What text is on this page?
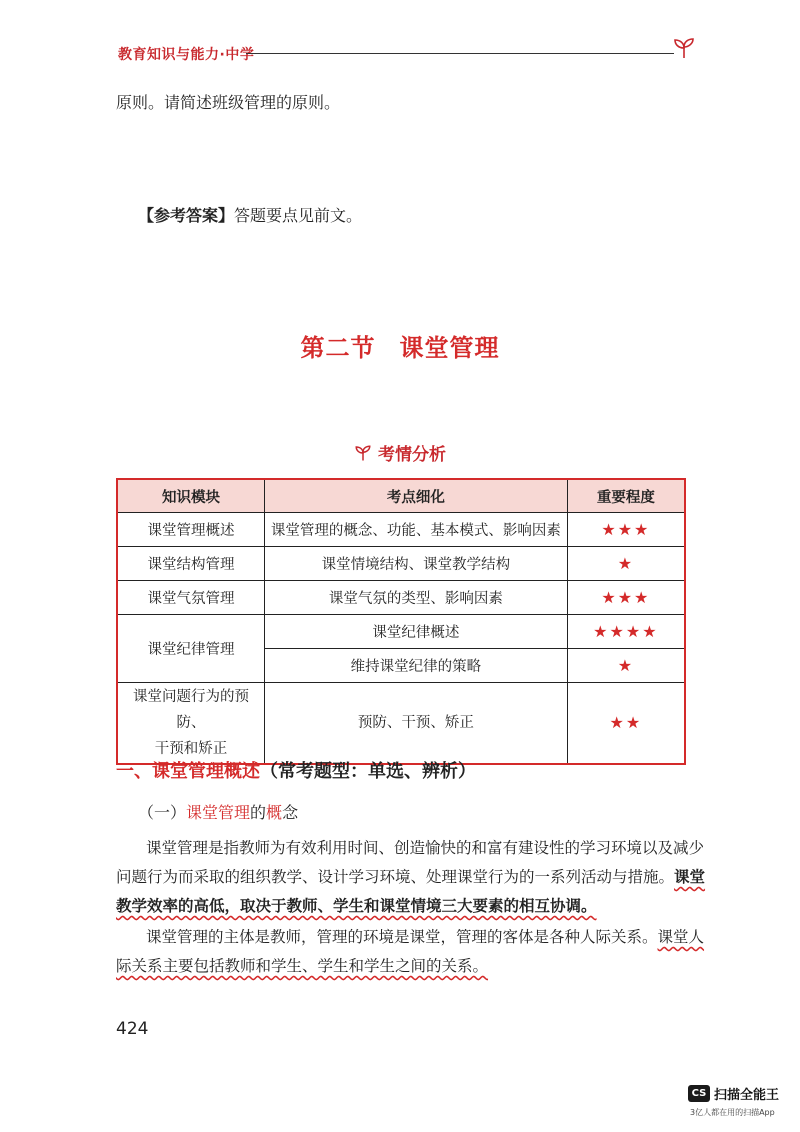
教育知识与能力·中学
原则。请简述班级管理的原则。
【参考答案】答题要点见前文。
第二节 课堂管理
考情分析
知识模块	考点细化	重要程度
课堂管理概述	课堂管理的概念、功能、基本模式、影响因素	★★★
课堂结构管理	课堂情境结构、课堂教学结构	★
课堂气氛管理	课堂气氛的类型、影响因素	★★★
课堂纪律管理	课堂纪律概述	★★★★
	维持课堂纪律的策略	★
课堂问题行为的预防、
干预和矫正	预防、干预、矫正	★★
一、课堂管理概述（常考题型：单选、辨析）
（一）课堂管理的概念
课堂管理是指教师为有效利用时间、创造愉快的和富有建设性的学习环境以及减少
问题行为而采取的组织教学、设计学习环境、处理课堂行为的一系列活动与措施。课堂
教学效率的高低，取决于教师、学生和课堂情境三大要素的相互协调。
课堂管理的主体是教师，管理的环境是课堂，管理的客体是各种人际关系。课堂人
际关系主要包括教师和学生、学生和学生之间的关系。
424
CS 扫描全能王
3亿人都在用的扫描App
